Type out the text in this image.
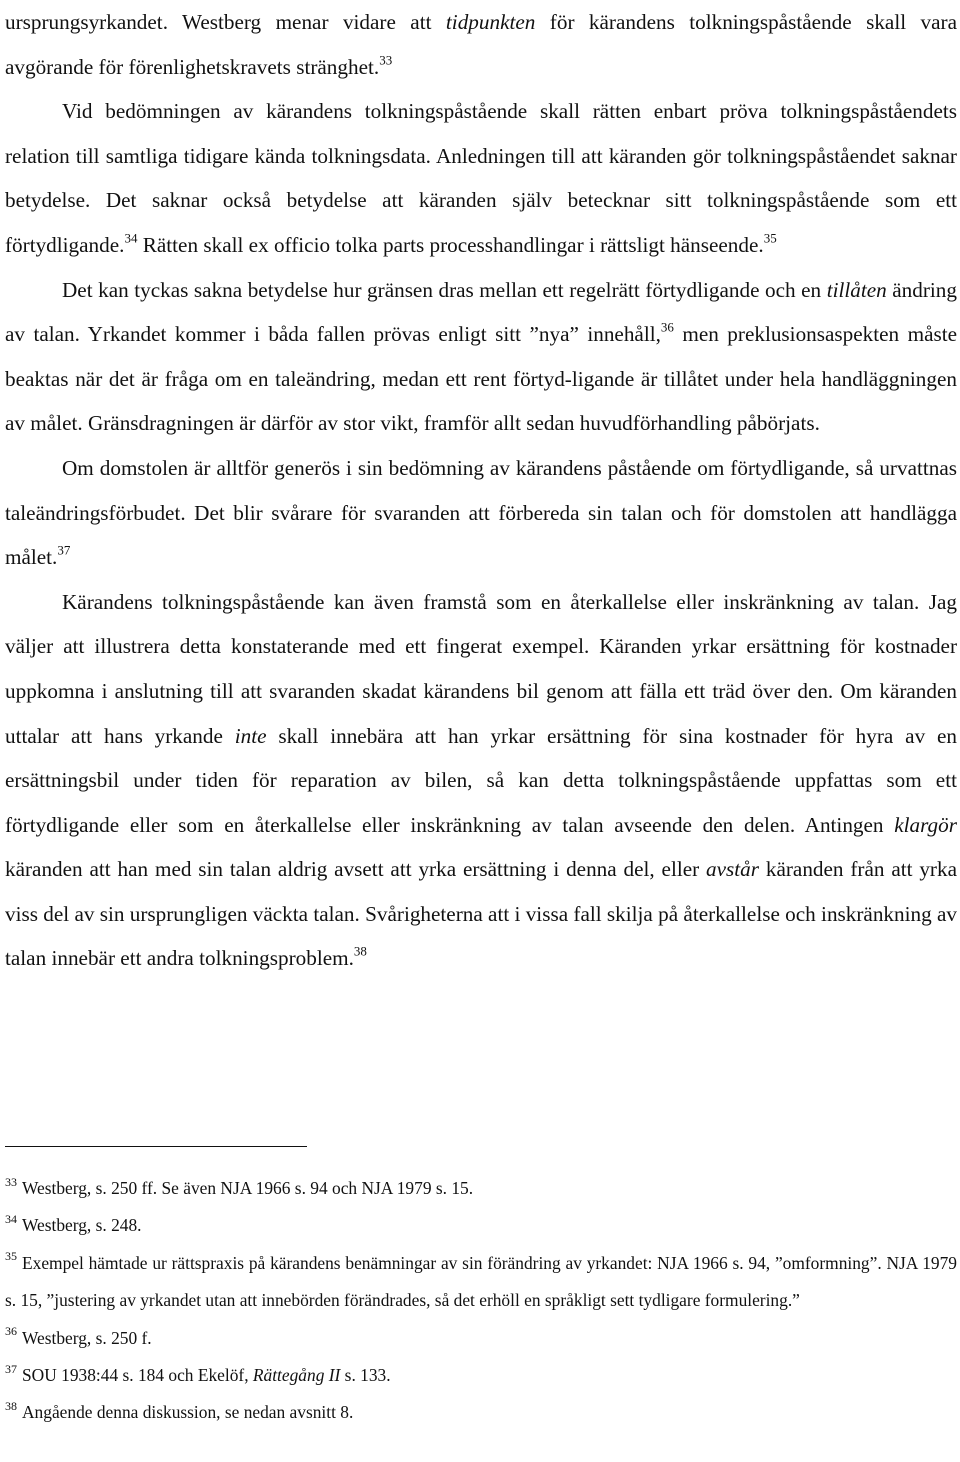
ursprungsyrkandet. Westberg menar vidare att tidpunkten för kärandens tolkningspåstående skall vara avgörande för förenlighetskravets stränghet.$^{33}$

Vid bedömningen av kärandens tolkningspåstående skall rätten enbart pröva tolkningspåståendets relation till samtliga tidigare kända tolkningsdata. Anledningen till att käranden gör tolkningspåståendet saknar betydelse. Det saknar också betydelse att käranden själv betecknar sitt tolkningspåstående som ett förtydligande.$^{34}$ Rätten skall ex officio tolka parts processhandlingar i rättsligt hänseende.$^{35}$

Det kan tyckas sakna betydelse hur gränsen dras mellan ett regelrätt förtydligande och en tillåten ändring av talan. Yrkandet kommer i båda fallen prövas enligt sitt ”nya” innehåll,$^{36}$ men preklusionsaspekten måste beaktas när det är fråga om en taleändring, medan ett rent förtyd-ligande är tillåtet under hela handläggningen av målet. Gränsdragningen är därför av stor vikt, framför allt sedan huvudförhandling påbörjats.

Om domstolen är alltför generös i sin bedömning av kärandens påstående om förtydligande, så urvattnas taleändringsförbudet. Det blir svårare för svaranden att förbereda sin talan och för domstolen att handlägga målet.$^{37}$

Kärandens tolkningspåstående kan även framstå som en återkallelse eller inskränkning av talan. Jag väljer att illustrera detta konstaterande med ett fingerat exempel. Käranden yrkar ersättning för kostnader uppkomna i anslutning till att svaranden skadat kärandens bil genom att fälla ett träd över den. Om käranden uttalar att hans yrkande inte skall innebära att han yrkar ersättning för sina kostnader för hyra av en ersättningsbil under tiden för reparation av bilen, så kan detta tolkningspåstående uppfattas som ett förtydligande eller som en återkallelse eller inskränkning av talan avseende den delen. Antingen klargör käranden att han med sin talan aldrig avsett att yrka ersättning i denna del, eller avstår käranden från att yrka viss del av sin ursprungligen väckta talan. Svårigheterna att i vissa fall skilja på återkallelse och inskränkning av talan innebär ett andra tolkningsproblem.$^{38}$

$^{33}$ Westberg, s. 250 ff. Se även NJA 1966 s. 94 och NJA 1979 s. 15.

$^{34}$ Westberg, s. 248.

$^{35}$ Exempel hämtade ur rättspraxis på kärandens benämningar av sin förändring av yrkandet: NJA 1966 s. 94, ”omformning”. NJA 1979 s. 15, ”justering av yrkandet utan att innebörden förändrades, så det erhöll en språkligt sett tydligare formulering.”

$^{36}$ Westberg, s. 250 f.

$^{37}$ SOU 1938:44 s. 184 och Ekelöf, Rättegång II s. 133.

$^{38}$ Angående denna diskussion, se nedan avsnitt 8.
